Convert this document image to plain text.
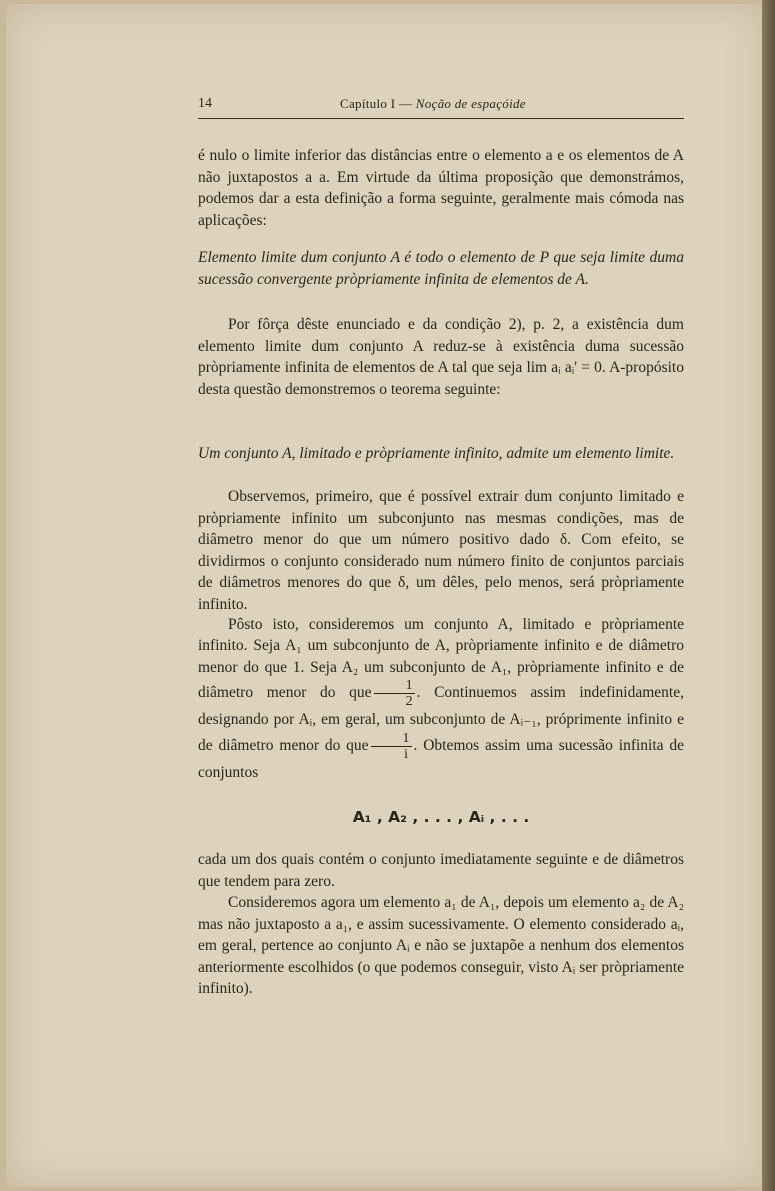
14	Capítulo I — Noção de espaçóide

é nulo o limite inferior das distâncias entre o elemento a e os elementos de A não juxtapostos a a. Em virtude da última proposição que demonstrámos, podemos dar a esta definição a forma seguinte, geralmente mais cómoda nas aplicações:

Elemento limite dum conjunto A é todo o elemento de P que seja limite duma sucessão convergente pròpriamente infinita de elementos de A.

Por fôrça dêste enunciado e da condição 2), p. 2, a existência dum elemento limite dum conjunto A reduz-se à existência duma sucessão pròpriamente infinita de elementos de A tal que seja lim aᵢ aᵢ' = 0. A-propósito desta questão demonstremos o teorema seguinte:

Um conjunto A, limitado e pròpriamente infinito, admite um elemento limite.

Observemos, primeiro, que é possível extrair dum conjunto limitado e pròpriamente infinito um subconjunto nas mesmas condições, mas de diâmetro menor do que um número positivo dado δ. Com efeito, se dividirmos o conjunto considerado num número finito de conjuntos parciais de diâmetros menores do que δ, um dêles, pelo menos, será pròpriamente infinito.

Pôsto isto, consideremos um conjunto A, limitado e pròpriamente infinito. Seja A₁ um subconjunto de A, pròpriamente infinito e de diâmetro menor do que 1. Seja A₂ um subconjunto de A₁, pròpriamente infinito e de diâmetro menor do que $\frac{1}{2}$ . Continuemos assim indefinidamente, designando por Aᵢ, em geral, um subconjunto de Aᵢ₋₁, próprimente infinito e de diâmetro menor do que $\frac{1}{i}$ . Obtemos assim uma sucessão infinita de conjuntos

A₁ , A₂ , . . . , Aᵢ , . . .

cada um dos quais contém o conjunto imediatamente seguinte e de diâmetros que tendem para zero.

Consideremos agora um elemento a₁ de A₁, depois um elemento a₂ de A₂ mas não juxtaposto a a₁, e assim sucessivamente. O elemento considerado aᵢ, em geral, pertence ao conjunto Aᵢ e não se juxtapõe a nenhum dos elementos anteriormente escolhidos (o que podemos conseguir, visto Aᵢ ser pròpriamente infinito).
